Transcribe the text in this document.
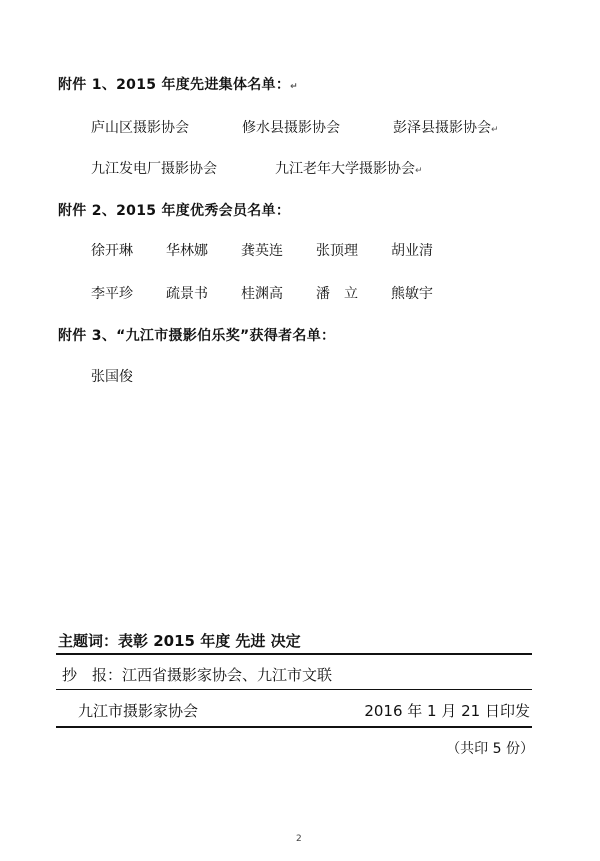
附件 1、2015 年度先进集体名单：↵
庐山区摄影协会	修水县摄影协会	彭泽县摄影协会↵
九江发电厂摄影协会	九江老年大学摄影协会↵
附件 2、2015 年度优秀会员名单：
徐开琳 华林娜 龚英连 张顶理 胡业清
李平珍 疏景书 桂渊高 潘　立 熊敏宇
附件 3、“九江市摄影伯乐奖”获得者名单：
张国俊
主题词：表彰 2015 年度 先进 决定
抄　报：江西省摄影家协会、九江市文联
九江市摄影家协会	2016 年 1 月 21 日印发
（共印 5 份）
2
